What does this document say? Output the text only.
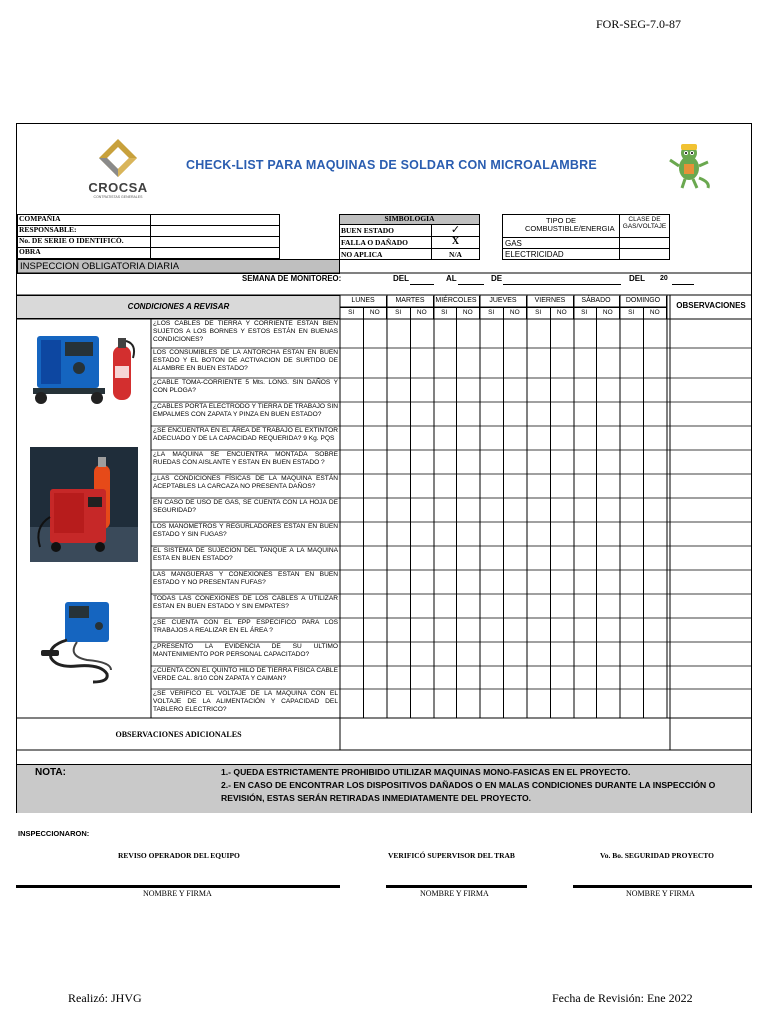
FOR-SEG-7.0-87
CROCSA
CONTRATISTAS GENERALES
CHECK-LIST PARA MAQUINAS DE SOLDAR CON MICROALAMBRE
COMPAÑIA
RESPONSABLE:
No. DE SERIE O IDENTIFICÓ.
OBRA
INSPECCION OBLIGATORIA DIARIA
SIMBOLOGIA
BUEN ESTADO	✓
FALLA O DAÑADO	X
NO APLICA	N/A
TIPO DE COMBUSTIBLE/ENERGIA
CLASE DE GAS/VOLTAJE
GAS
ELECTRICIDAD
SEMANA DE MONITOREO:	DEL	AL	DE	DEL 20
CONDICIONES A REVISAR	OBSERVACIONES
LUNES
SI	NO
MARTES
SI	NO
MIÉRCOLES
SI	NO
JUEVES
SI	NO
VIERNES
SI	NO
SÁBADO
SI	NO
DOMINGO
SI	NO
¿LOS CABLES DE TIERRA Y CORRIENTE ESTAN BIEN SUJETOS A LOS BORNES Y ESTOS ESTÁN EN BUENAS CONDICIONES?
LOS CONSUMIBLES DE LA ANTORCHA ESTAN EN BUEN ESTADO Y EL BOTON DE ACTIVACION DE SURTIDO DE ALAMBRE EN BUEN ESTADO?
¿CABLE TOMA-CORRIENTE 5 Mts. LONG. SIN DAÑOS Y CON PLOGA?
¿CABLES PORTA ELECTRODO Y TIERRA DE TRABAJO SIN EMPALMES CON ZAPATA Y PINZA EN BUEN ESTADO?
¿SE ENCUENTRA EN EL ÁREA DE TRABAJO EL EXTINTOR ADECUADO Y DE LA CAPACIDAD REQUERIDA? 9 Kg. PQS
¿LA MAQUINA SE ENCUENTRA MONTADA SOBRE RUEDAS CON AISLANTE Y ESTAN EN BUEN ESTADO ?
¿LAS CONDICIONES FÍSICAS DE LA MAQUINA ESTÁN ACEPTABLES LA CARCAZA NO PRESENTA DAÑOS?
EN CASO DE USO DE GAS, SE CUENTA CON LA HOJA DE SEGURIDAD?
LOS MANOMETROS Y REGURLADORES ESTAN EN BUEN ESTADO Y SIN FUGAS?
EL SISTEMA DE SUJECION DEL TANQUE A LA MAQUINA ESTA EN BUEN ESTADO?
LAS MANGUERAS Y CONEXIONES ESTAN EN BUEN ESTADO Y NO PRESENTAN FUFAS?
TODAS LAS CONEXIONES DE LOS CABLES A UTILIZAR ESTAN EN BUEN ESTADO Y SIN EMPATES?
¿SE CUENTA CON EL EPP ESPECIFICO PARA LOS TRABAJOS A REALIZAR EN EL ÁREA ?
¿PRESENTO LA EVIDENCIA DE SU ULTIMO MANTENIMIENTO POR PERSONAL CAPACITADO?
¿CUENTA CON EL QUINTO HILO DE TIERRA FISICA CABLE VERDE CAL. 8/10 CON ZAPATA Y CAIMAN?
¿SE VERIFICO EL VOLTAJE DE LA MAQUINA CON EL VOLTAJE DE LA ALIMENTACIÓN Y CAPACIDAD DEL TABLERO ELECTRICO?
OBSERVACIONES ADICIONALES
NOTA:	1.- QUEDA ESTRICTAMENTE PROHIBIDO UTILIZAR MAQUINAS MONO-FASICAS EN EL PROYECTO.
2.- EN CASO DE ENCONTRAR LOS DISPOSITIVOS DAÑADOS O EN MALAS CONDICIONES DURANTE LA INSPECCIÓN O
REVISIÓN, ESTAS SERÁN RETIRADAS INMEDIATAMENTE DEL PROYECTO.
INSPECCIONARON:
REVISO OPERADOR DEL EQUIPO
NOMBRE Y FIRMA
VERIFICÓ SUPERVISOR DEL TRAB
NOMBRE Y FIRMA
Vo. Bo. SEGURIDAD PROYECTO
NOMBRE Y FIRMA
Realizó: JHVG	Fecha de Revisión: Ene 2022
